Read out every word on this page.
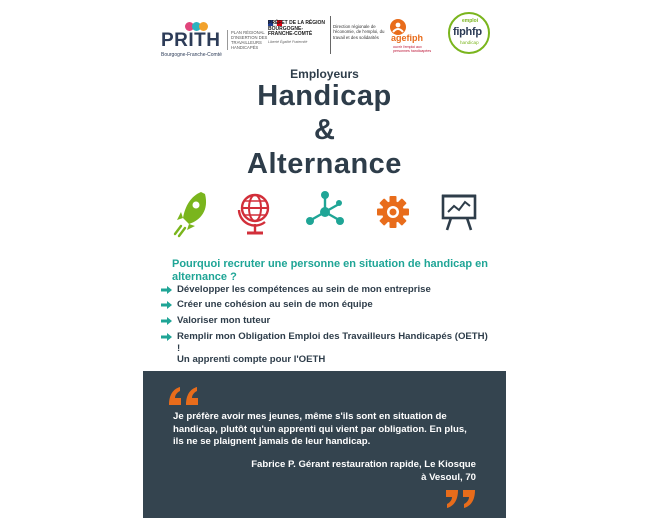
PRITH
Bourgogne-Franche-Comté
PLAN RÉGIONAL D'INSERTION DES TRAVAILLEURS HANDICAPÉS
PRÉFET DE LA RÉGION BOURGOGNE- FRANCHE-COMTÉ
Liberté Égalité Fraternité
Direction régionale de l'économie, de l'emploi, du travail et des solidarités	agefiph
ouvrir l'emploi aux personnes handicapées
emploi
fiphfp
handicap
Employeurs
Handicap
&
Alternance
Pourquoi recruter une personne en situation de handicap en alternance ?
Développer les compétences au sein de mon entreprise
Créer une cohésion au sein de mon équipe
Valoriser mon tuteur
Remplir mon Obligation Emploi des Travailleurs Handicapés (OETH) !
Un apprenti compte pour l'OETH
Je préfère avoir mes jeunes, même s'ils sont en situation de handicap, plutôt qu'un apprenti qui vient par obligation. En plus, ils ne se plaignent jamais de leur handicap.
Fabrice P. Gérant restauration rapide, Le Kiosque
à Vesoul, 70
